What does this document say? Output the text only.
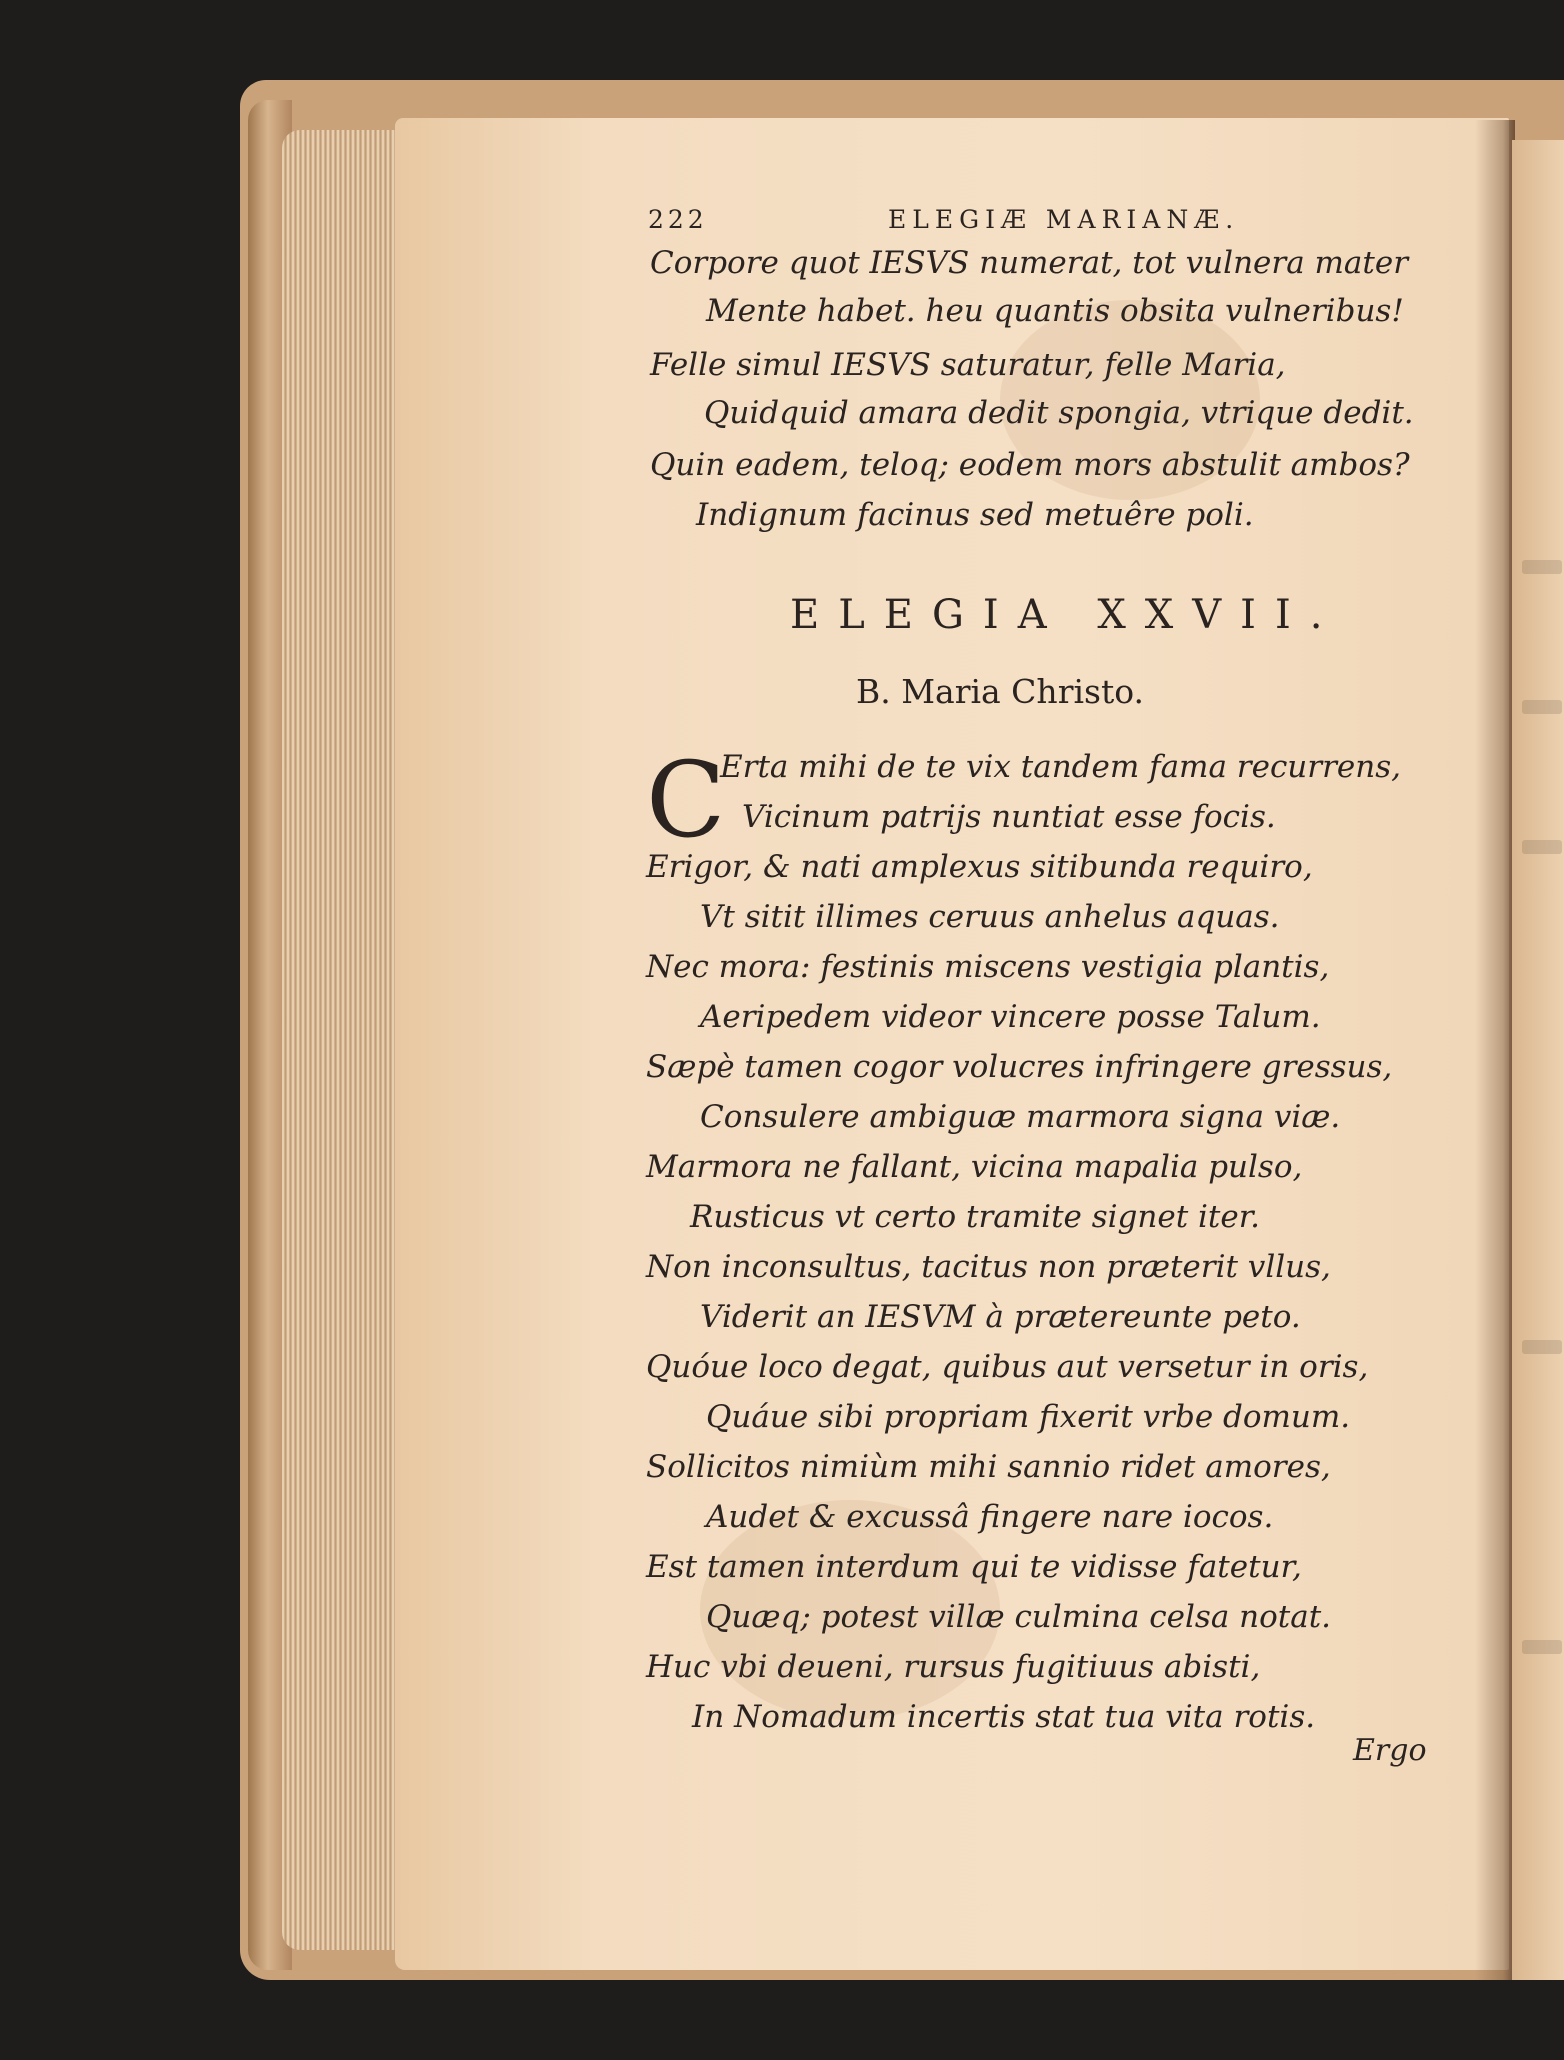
222	ELEGIÆ MARIANÆ.
Corpore quot IESVS numerat, tot vulnera mater
Mente habet. heu quantis obsita vulneribus!
Felle simul IESVS saturatur, felle Maria,
Quidquid amara dedit spongia, vtrique dedit.
Quin eadem, teloq; eodem mors abstulit ambos?
Indignum facinus sed metuêre poli.
ELEGIA XXVII.
B. Maria Christo.
C
Erta mihi de te vix tandem fama recurrens,
Vicinum patrijs nuntiat esse focis.
Erigor, & nati amplexus sitibunda requiro,
Vt sitit illimes ceruus anhelus aquas.
Nec mora: festinis miscens vestigia plantis,
Aeripedem videor vincere posse Talum.
Sæpè tamen cogor volucres infringere gressus,
Consulere ambiguæ marmora signa viæ.
Marmora ne fallant, vicina mapalia pulso,
Rusticus vt certo tramite signet iter.
Non inconsultus, tacitus non præterit vllus,
Viderit an IESVM à prætereunte peto.
Quóue loco degat, quibus aut versetur in oris,
Quáue sibi propriam fixerit vrbe domum.
Sollicitos nimiùm mihi sannio ridet amores,
Audet & excussâ fingere nare iocos.
Est tamen interdum qui te vidisse fatetur,
Quæq; potest villæ culmina celsa notat.
Huc vbi deueni, rursus fugitiuus abisti,
In Nomadum incertis stat tua vita rotis.
Ergo
